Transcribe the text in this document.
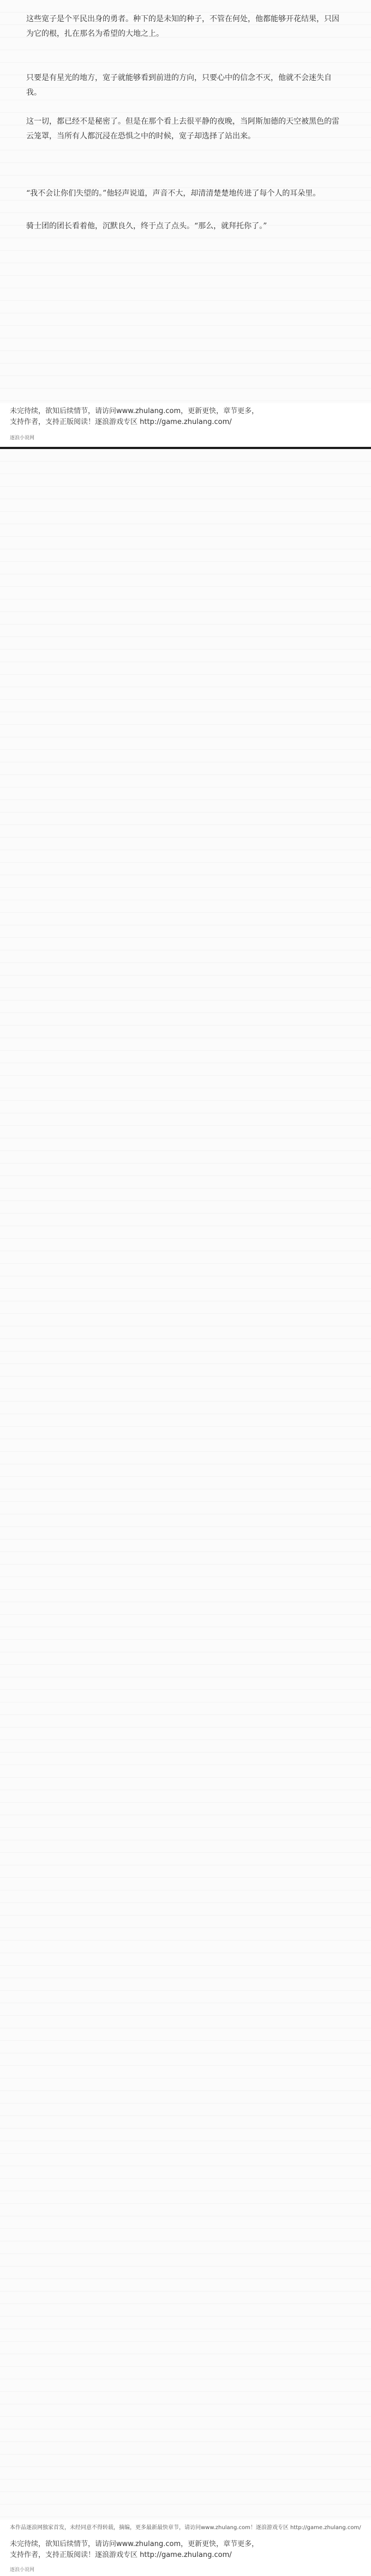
这些宽子是个平民出身的勇者。种下的是未知的种子，不管在何处，他都能够开花结果，只因为它的根，扎在那名为希望的大地之上。
只要是有星光的地方，宽子就能够看到前进的方向，只要心中的信念不灭，他就不会迷失自我。
这一切，都已经不是秘密了。但是在那个看上去很平静的夜晚，当阿斯加德的天空被黑色的雷云笼罩，当所有人都沉浸在恐惧之中的时候，宽子却选择了站出来。
“我不会让你们失望的。”他轻声说道，声音不大，却清清楚楚地传进了每个人的耳朵里。
骑士团的团长看着他，沉默良久，终于点了点头。“那么，就拜托你了。”
未完待续，欲知后续情节，请访问www.zhulang.com，更新更快，章节更多，
支持作者，支持正版阅读！逐浪游戏专区 http://game.zhulang.com/
逐浪小说网
本作品逐浪网独家首发，未经同意不得转载，摘编，更多最新最快章节，请访问www.zhulang.com！逐浪游戏专区 http://game.zhulang.com/
未完待续，欲知后续情节，请访问www.zhulang.com，更新更快，章节更多，
支持作者，支持正版阅读！逐浪游戏专区 http://game.zhulang.com/
逐浪小说网
